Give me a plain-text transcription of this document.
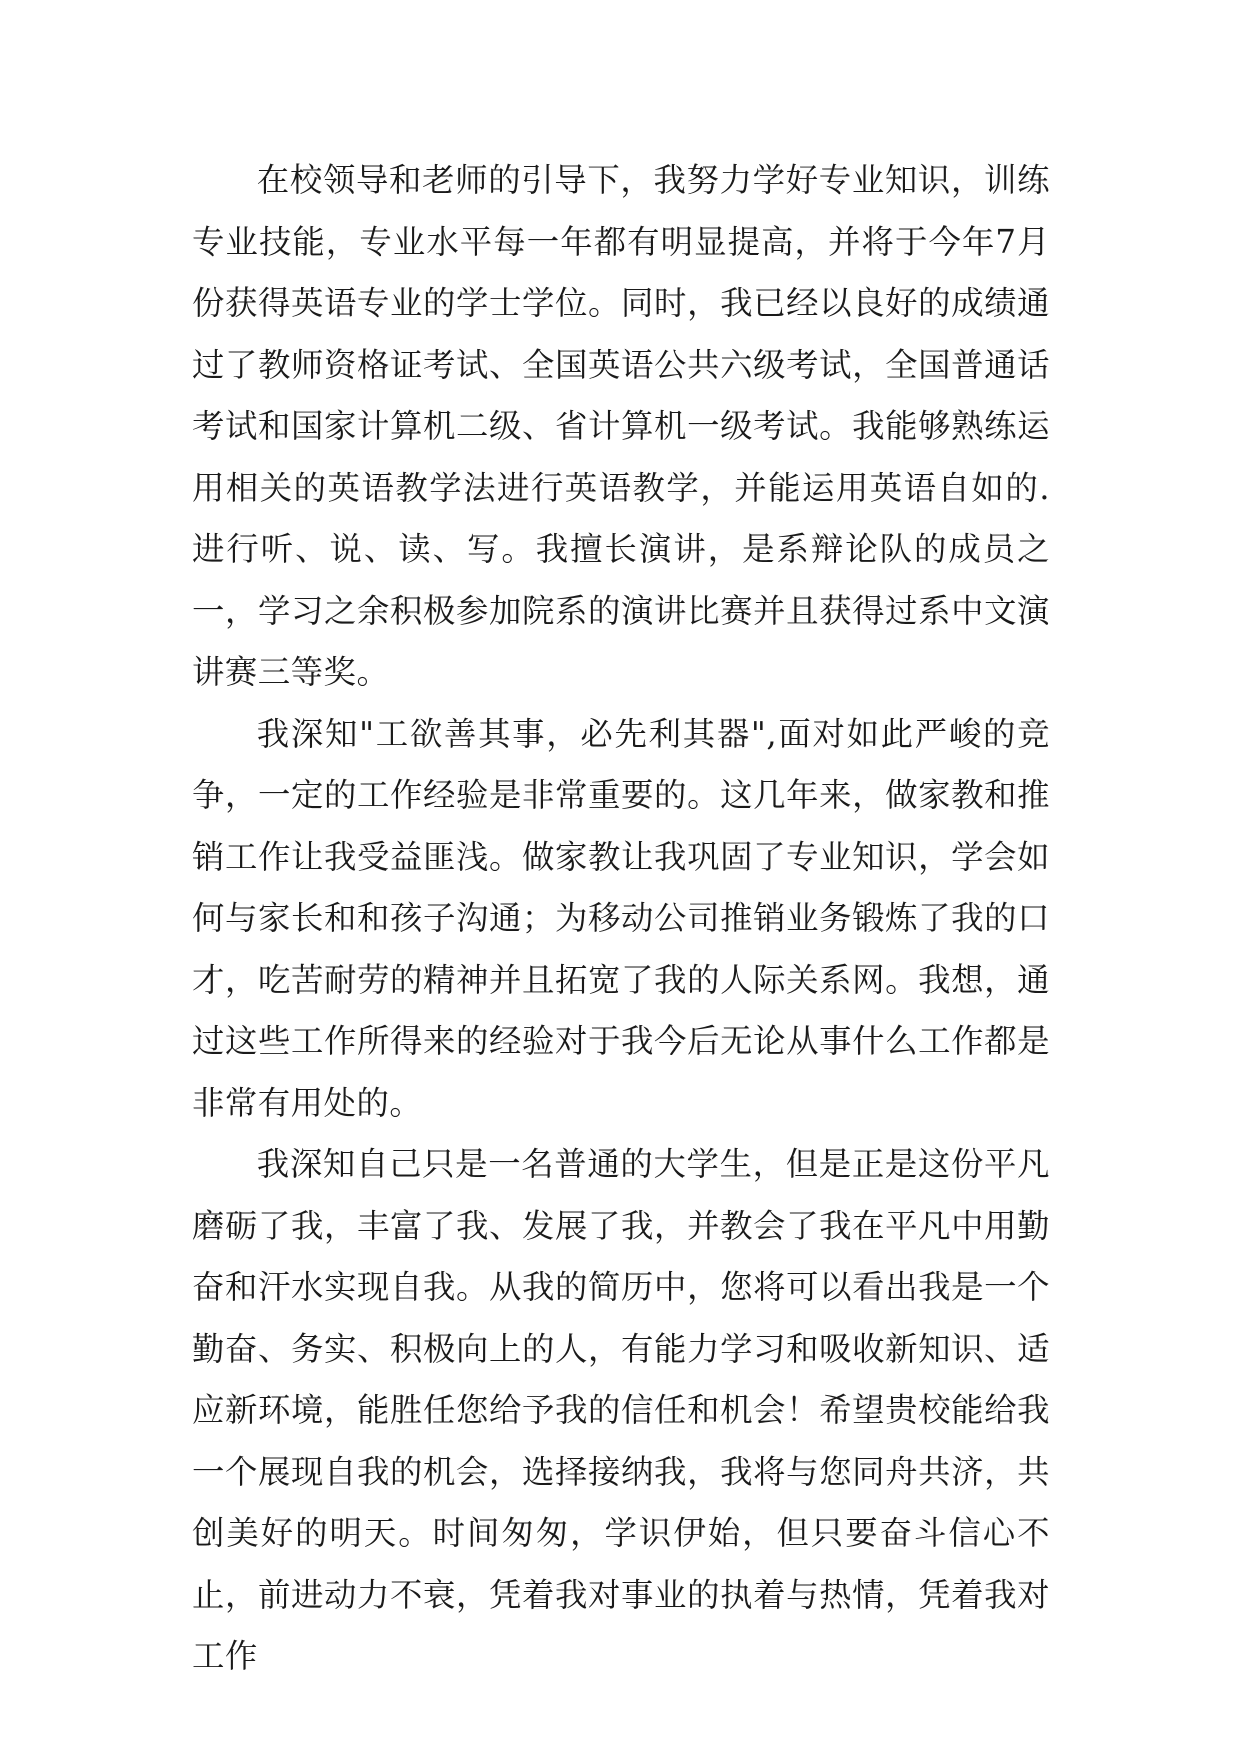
在校领导和老师的引导下，我努力学好专业知识，训练专业技能，专业水平每一年都有明显提高，并将于今年7月份获得英语专业的学士学位。同时，我已经以良好的成绩通过了教师资格证考试、全国英语公共六级考试，全国普通话考试和国家计算机二级、省计算机一级考试。我能够熟练运用相关的英语教学法进行英语教学，并能运用英语自如的.进行听、说、读、写。我擅长演讲，是系辩论队的成员之一，学习之余积极参加院系的演讲比赛并且获得过系中文演讲赛三等奖。

我深知"工欲善其事，必先利其器",面对如此严峻的竞争，一定的工作经验是非常重要的。这几年来，做家教和推销工作让我受益匪浅。做家教让我巩固了专业知识，学会如何与家长和和孩子沟通；为移动公司推销业务锻炼了我的口才，吃苦耐劳的精神并且拓宽了我的人际关系网。我想，通过这些工作所得来的经验对于我今后无论从事什么工作都是非常有用处的。

我深知自己只是一名普通的大学生，但是正是这份平凡磨砺了我，丰富了我、发展了我，并教会了我在平凡中用勤奋和汗水实现自我。从我的简历中，您将可以看出我是一个勤奋、务实、积极向上的人，有能力学习和吸收新知识、适应新环境，能胜任您给予我的信任和机会！希望贵校能给我一个展现自我的机会，选择接纳我，我将与您同舟共济，共创美好的明天。时间匆匆，学识伊始，但只要奋斗信心不止，前进动力不衰，凭着我对事业的执着与热情，凭着我对工作
